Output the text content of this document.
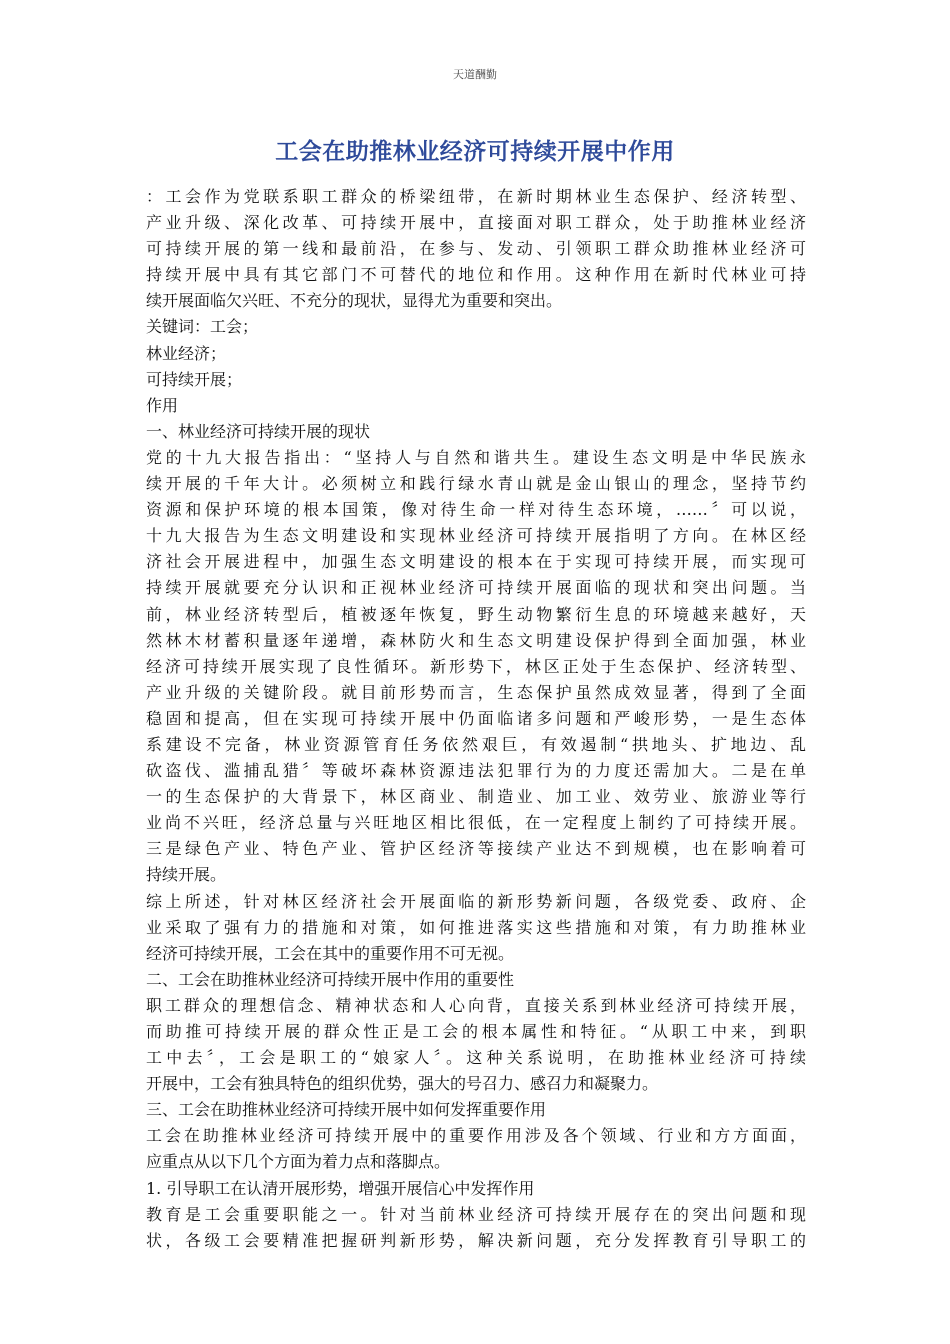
天道酬勤
工会在助推林业经济可持续开展中作用
：工会作为党联系职工群众的桥梁纽带，在新时期林业生态保护、经济转型、
产业升级、深化改革、可持续开展中，直接面对职工群众，处于助推林业经济
可持续开展的第一线和最前沿，在参与、发动、引领职工群众助推林业经济可
持续开展中具有其它部门不可替代的地位和作用。这种作用在新时代林业可持
续开展面临欠兴旺、不充分的现状，显得尤为重要和突出。
关键词：工会；
林业经济；
可持续开展；
作用
一、林业经济可持续开展的现状
党的十九大报告指出：“坚持人与自然和谐共生。建设生态文明是中华民族永
续开展的千年大计。必须树立和践行绿水青山就是金山银山的理念，坚持节约
资源和保护环境的根本国策，像对待生命一样对待生态环境，……〞可以说，
十九大报告为生态文明建设和实现林业经济可持续开展指明了方向。在林区经
济社会开展进程中，加强生态文明建设的根本在于实现可持续开展，而实现可
持续开展就要充分认识和正视林业经济可持续开展面临的现状和突出问题。当
前，林业经济转型后，植被逐年恢复，野生动物繁衍生息的环境越来越好，天
然林木材蓄积量逐年递增，森林防火和生态文明建设保护得到全面加强，林业
经济可持续开展实现了良性循环。新形势下，林区正处于生态保护、经济转型、
产业升级的关键阶段。就目前形势而言，生态保护虽然成效显著，得到了全面
稳固和提高，但在实现可持续开展中仍面临诸多问题和严峻形势，一是生态体
系建设不完备，林业资源管育任务依然艰巨，有效遏制“拱地头、扩地边、乱
砍盗伐、滥捕乱猎〞等破坏森林资源违法犯罪行为的力度还需加大。二是在单
一的生态保护的大背景下，林区商业、制造业、加工业、效劳业、旅游业等行
业尚不兴旺，经济总量与兴旺地区相比很低，在一定程度上制约了可持续开展。
三是绿色产业、特色产业、管护区经济等接续产业达不到规模，也在影响着可
持续开展。
综上所述，针对林区经济社会开展面临的新形势新问题，各级党委、政府、企
业采取了强有力的措施和对策，如何推进落实这些措施和对策，有力助推林业
经济可持续开展，工会在其中的重要作用不可无视。
二、工会在助推林业经济可持续开展中作用的重要性
职工群众的理想信念、精神状态和人心向背，直接关系到林业经济可持续开展，
而助推可持续开展的群众性正是工会的根本属性和特征。“从职工中来，到职
工中去〞，工会是职工的“娘家人〞。这种关系说明，在助推林业经济可持续
开展中，工会有独具特色的组织优势，强大的号召力、感召力和凝聚力。
三、工会在助推林业经济可持续开展中如何发挥重要作用
工会在助推林业经济可持续开展中的重要作用涉及各个领域、行业和方方面面，
应重点从以下几个方面为着力点和落脚点。
1. 引导职工在认清开展形势，增强开展信心中发挥作用
教育是工会重要职能之一。针对当前林业经济可持续开展存在的突出问题和现
状，各级工会要精准把握研判新形势，解决新问题，充分发挥教育引导职工的
